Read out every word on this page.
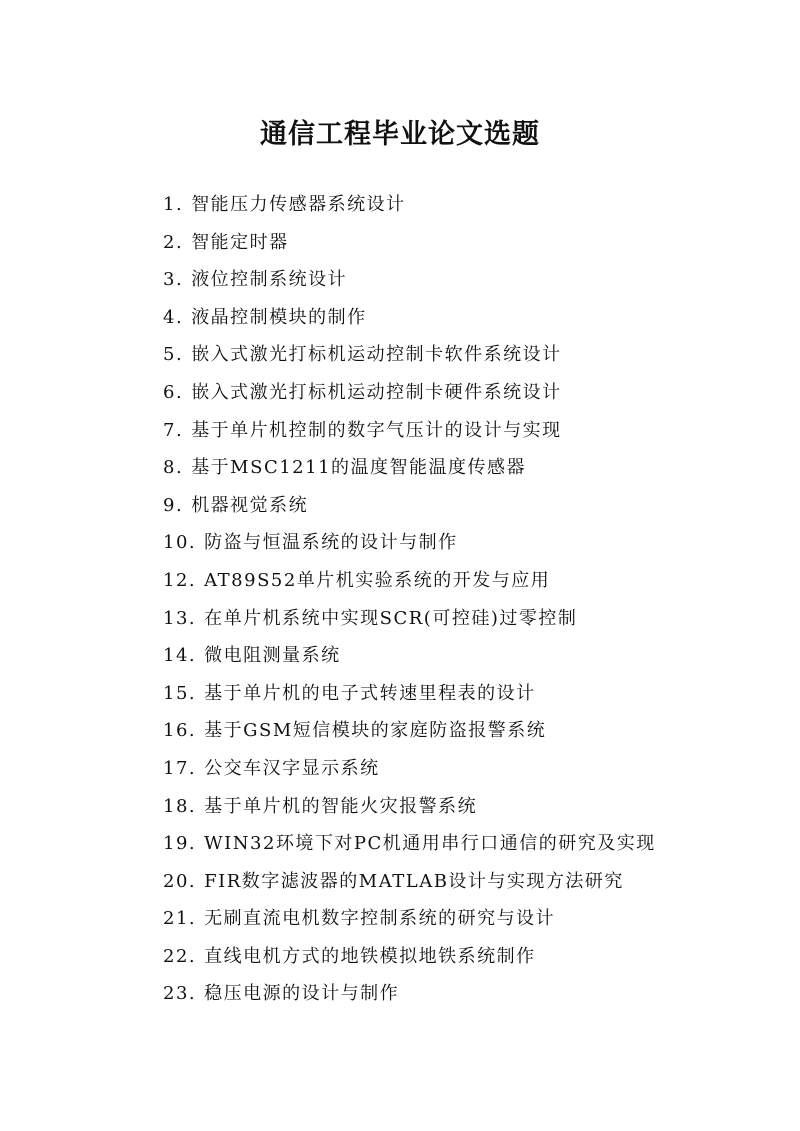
通信工程毕业论文选题
1. 智能压力传感器系统设计
2. 智能定时器
3. 液位控制系统设计
4. 液晶控制模块的制作
5. 嵌入式激光打标机运动控制卡软件系统设计
6. 嵌入式激光打标机运动控制卡硬件系统设计
7. 基于单片机控制的数字气压计的设计与实现
8. 基于MSC1211的温度智能温度传感器
9. 机器视觉系统
10. 防盗与恒温系统的设计与制作
12. AT89S52单片机实验系统的开发与应用
13. 在单片机系统中实现SCR(可控硅)过零控制
14. 微电阻测量系统
15. 基于单片机的电子式转速里程表的设计
16. 基于GSM短信模块的家庭防盗报警系统
17. 公交车汉字显示系统
18. 基于单片机的智能火灾报警系统
19. WIN32环境下对PC机通用串行口通信的研究及实现
20. FIR数字滤波器的MATLAB设计与实现方法研究
21. 无刷直流电机数字控制系统的研究与设计
22. 直线电机方式的地铁模拟地铁系统制作
23. 稳压电源的设计与制作
